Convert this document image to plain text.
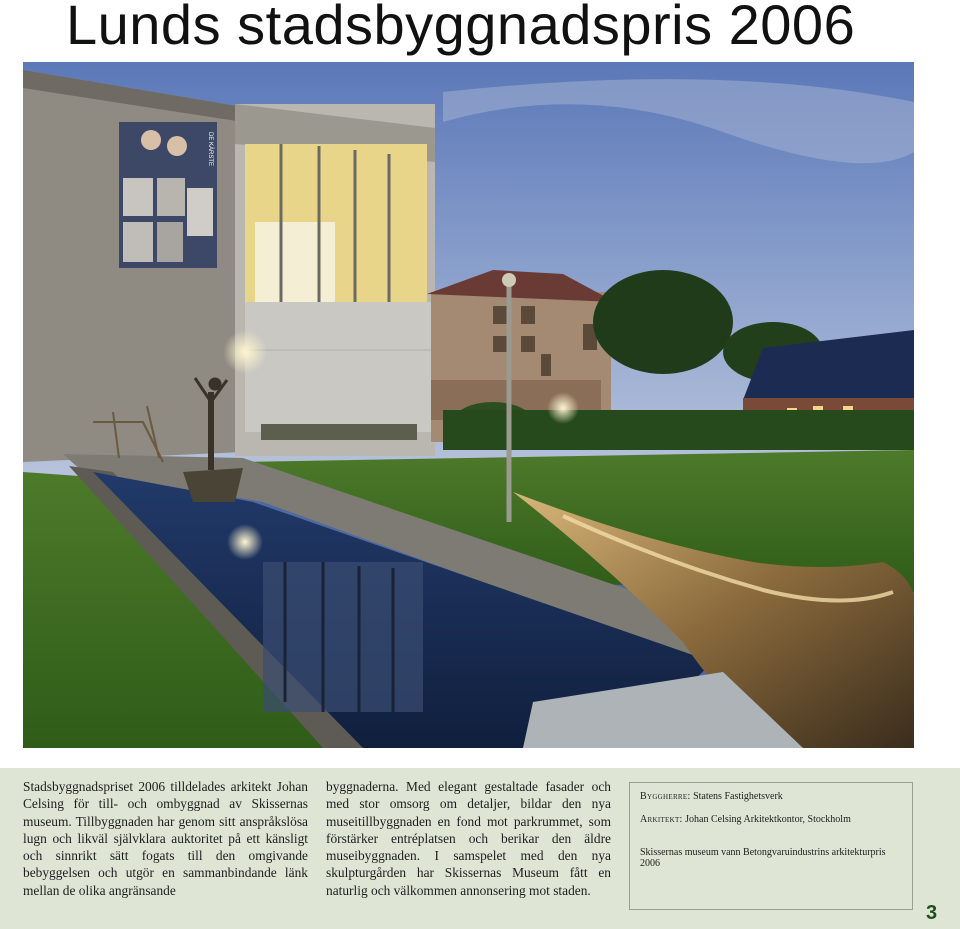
Lunds stadsbyggnadspris 2006
DE KÄRSTE

Stadsbyggnadspriset 2006 tilldelades arkitekt Johan Celsing för till- och ombyggnad av Skissernas museum. Tillbyggnaden har genom sitt anspråkslösa lugn och likväl självklara auktoritet på ett känsligt och sinnrikt sätt fogats till den omgivande bebyggelsen och utgör en sammanbindande länk mellan de olika angränsande

byggnaderna. Med elegant gestaltade fasader och med stor omsorg om detaljer, bildar den nya museitillbyggnaden en fond mot parkrummet, som förstärker entréplatsen och berikar den äldre museibyggnaden. I samspelet med den nya skulpturgården har Skissernas Museum fått en naturlig och välkommen annonsering mot staden.

Byggherre: Statens Fastighetsverk
Arkitekt: Johan Celsing Arkitektkontor, Stockholm
Skissernas museum vann Betongvaruindustrins arkitekturpris 2006
3
